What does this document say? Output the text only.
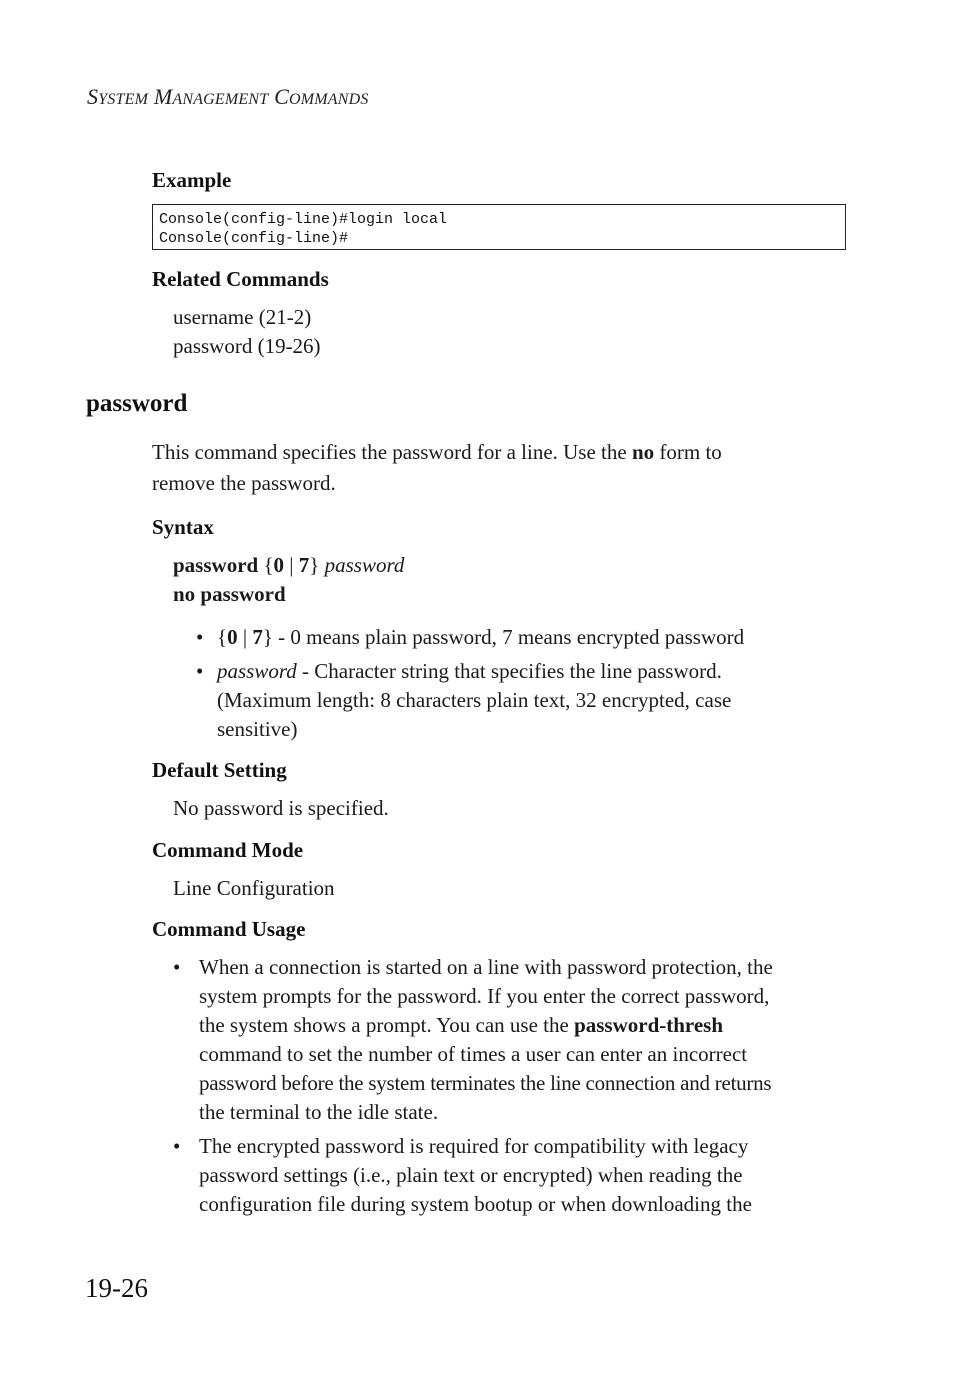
SYSTEM MANAGEMENT COMMANDS
Example
Console(config-line)#login local
Console(config-line)#
Related Commands
username (21-2)
password (19-26)
password
This command specifies the password for a line. Use the no form to
remove the password.
Syntax
password {0 | 7} password
no password
• {0 | 7} - 0 means plain password, 7 means encrypted password
• password - Character string that specifies the line password.
(Maximum length: 8 characters plain text, 32 encrypted, case
sensitive)
Default Setting
No password is specified.
Command Mode
Line Configuration
Command Usage
• When a connection is started on a line with password protection, the
system prompts for the password. If you enter the correct password,
the system shows a prompt. You can use the password-thresh
command to set the number of times a user can enter an incorrect
password before the system terminates the line connection and returns
the terminal to the idle state.
• The encrypted password is required for compatibility with legacy
password settings (i.e., plain text or encrypted) when reading the
configuration file during system bootup or when downloading the
19-26
